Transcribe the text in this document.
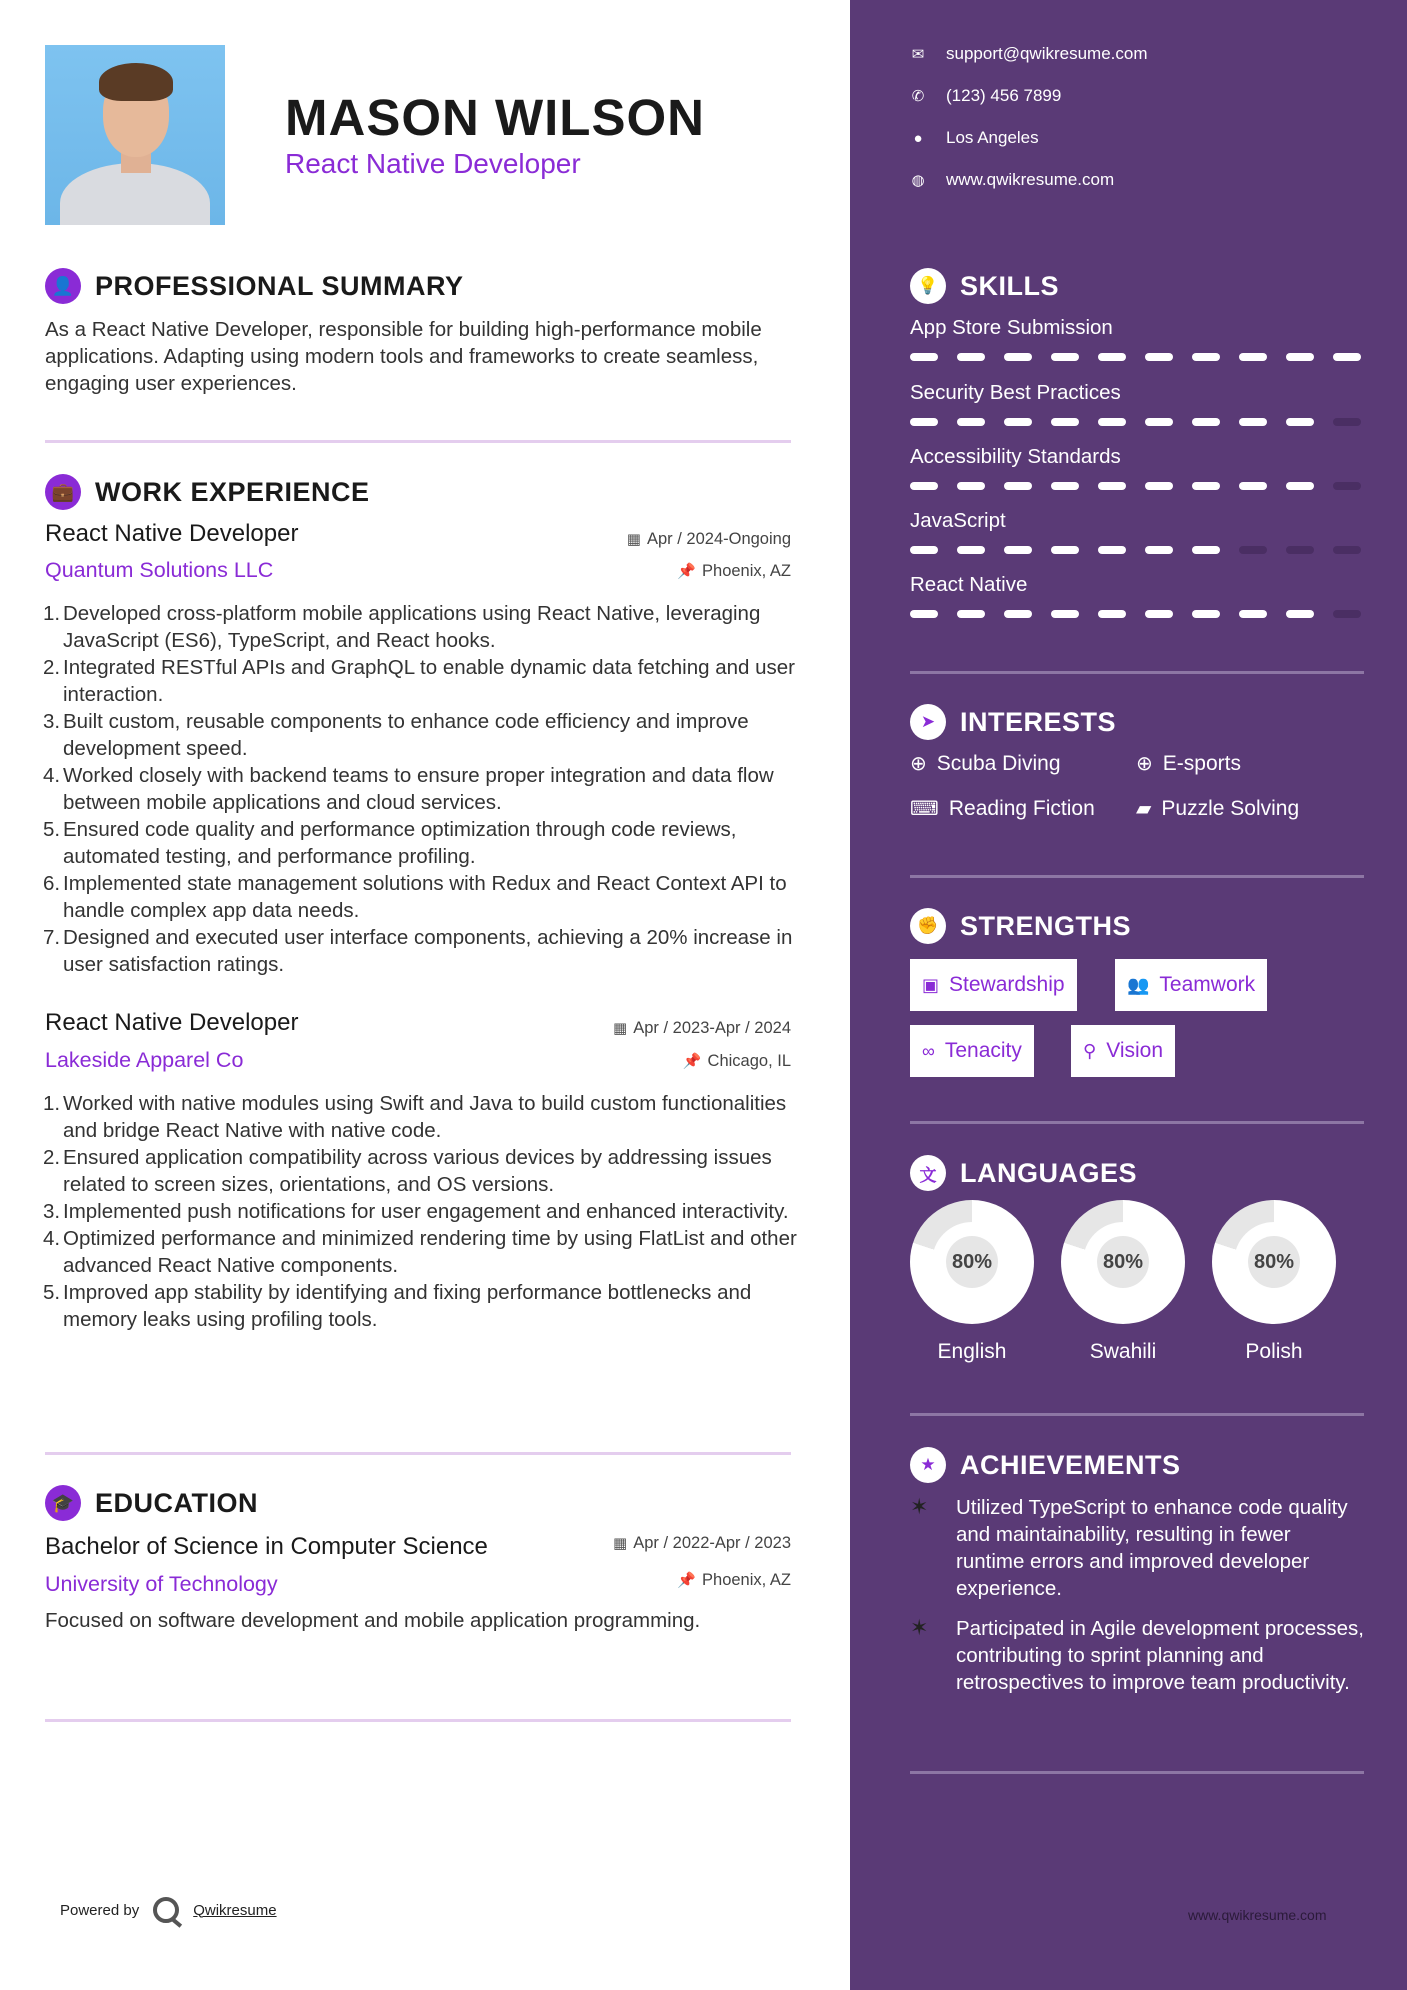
MASON WILSON
React Native Developer
👤 PROFESSIONAL SUMMARY
As a React Native Developer, responsible for building high-performance mobile applications. Adapting using modern tools and frameworks to create seamless, engaging user experiences.
💼 WORK EXPERIENCE
React Native Developer	▦ Apr / 2024-Ongoing
Quantum Solutions LLC	📌 Phoenix, AZ
1. Developed cross-platform mobile applications using React Native, leveraging JavaScript (ES6), TypeScript, and React hooks.
2. Integrated RESTful APIs and GraphQL to enable dynamic data fetching and user interaction.
3. Built custom, reusable components to enhance code efficiency and improve development speed.
4. Worked closely with backend teams to ensure proper integration and data flow between mobile applications and cloud services.
5. Ensured code quality and performance optimization through code reviews, automated testing, and performance profiling.
6. Implemented state management solutions with Redux and React Context API to handle complex app data needs.
7. Designed and executed user interface components, achieving a 20% increase in user satisfaction ratings.
React Native Developer	▦ Apr / 2023-Apr / 2024
Lakeside Apparel Co	📌 Chicago, IL
1. Worked with native modules using Swift and Java to build custom functionalities and bridge React Native with native code.
2. Ensured application compatibility across various devices by addressing issues related to screen sizes, orientations, and OS versions.
3. Implemented push notifications for user engagement and enhanced interactivity.
4. Optimized performance and minimized rendering time by using FlatList and other advanced React Native components.
5. Improved app stability by identifying and fixing performance bottlenecks and memory leaks using profiling tools.
🎓 EDUCATION
Bachelor of Science in Computer Science	▦ Apr / 2022-Apr / 2023
University of Technology	📌 Phoenix, AZ
Focused on software development and mobile application programming.
Powered by	Qwikresume
✉ support@qwikresume.com
✆ (123) 456 7899
● Los Angeles
◍ www.qwikresume.com
💡 SKILLS
App Store Submission
Security Best Practices
Accessibility Standards
JavaScript
React Native
➤ INTERESTS
⊕ Scuba Diving	⊕ E-sports
⌨ Reading Fiction ▰ Puzzle Solving
✊ STRENGTHS
▣ Stewardship	👥 Teamwork
∞ Tenacity	⚲ Vision
文 LANGUAGES
80%
English
80%
Swahili
80%
Polish
★ ACHIEVEMENTS
✶	Utilized TypeScript to enhance code quality and maintainability, resulting in fewer runtime errors and improved developer experience.
✶	Participated in Agile development processes, contributing to sprint planning and retrospectives to improve team productivity.
www.qwikresume.com
